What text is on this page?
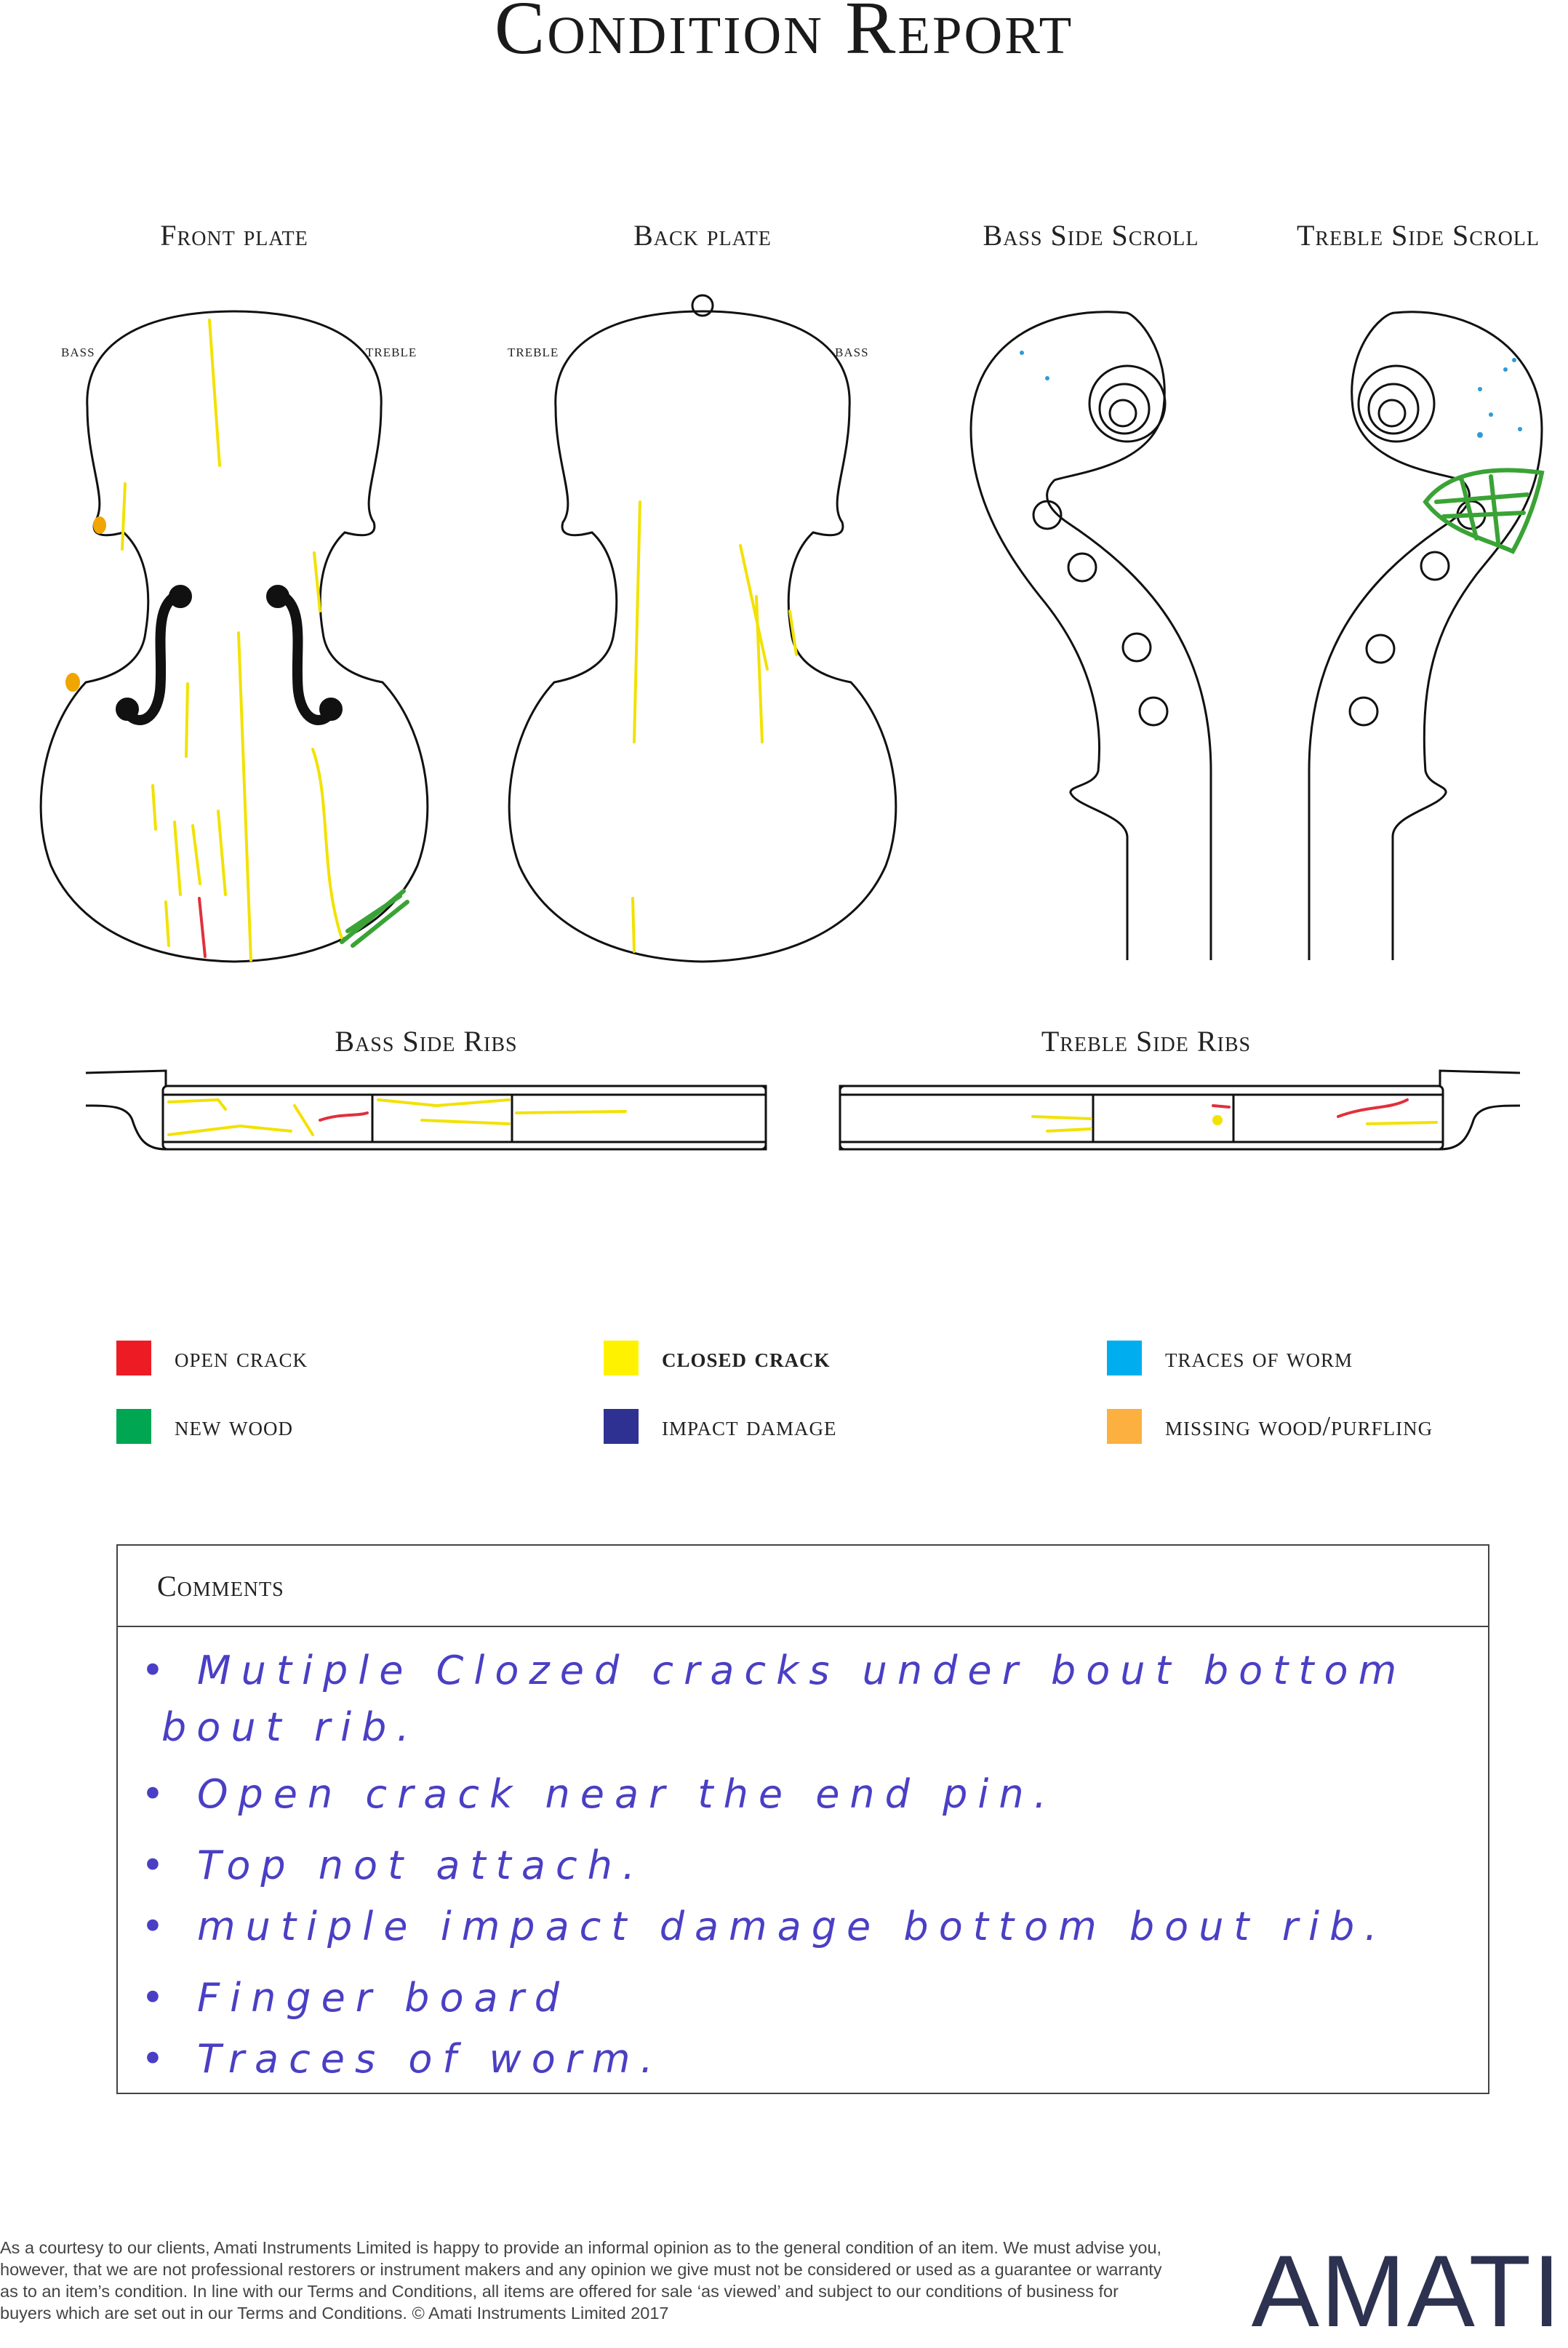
Condition Report
Front plate	Back plate	Bass Side Scroll	Treble Side Scroll
Bass Side Ribs	Treble Side Ribs
bass	treble	treble	bass
open crack	closed crack	traces of worm
new wood	impact damage	missing wood/purfling
Comments
• Mutiple Clozed cracks under bout bottom
bout rib.
• Open crack near the end pin.
• Top not attach.
• mutiple impact damage bottom bout rib.
• Finger board
• Traces of worm.
As a courtesy to our clients, Amati Instruments Limited is happy to provide an informal opinion as to the general condition of an item. We must advise you, however, that we are not professional restorers or instrument makers and any opinion we give must not be considered or used as a guarantee or warranty as to an item’s condition. In line with our Terms and Conditions, all items are offered for sale ‘as viewed’ and subject to our conditions of business for buyers which are set out in our Terms and Conditions. © Amati Instruments Limited 2017	AMATI
